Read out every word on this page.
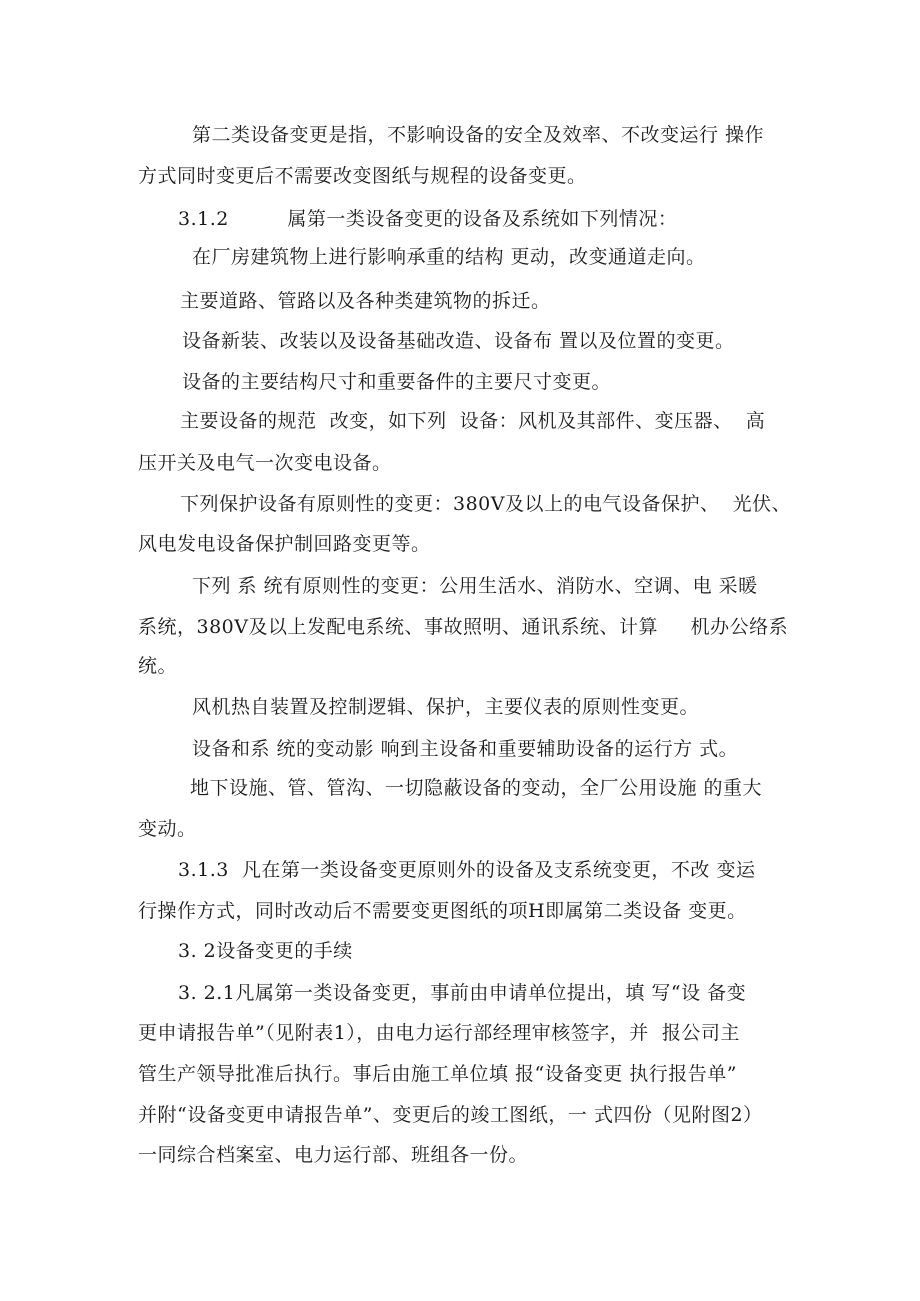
第二类设备变更是指，不影响设备的安全及效率、不改变运行 操作
方式同时变更后不需要改变图纸与规程的设备变更。
3.1.2　　　属第一类设备变更的设备及系统如下列情况：
在厂房建筑物上进行影响承重的结构 更动，改变通道走向。
主要道路、管路以及各种类建筑物的拆迁。
设备新装、改装以及设备基础改造、设备布 置以及位置的变更。
设备的主要结构尺寸和重要备件的主要尺寸变更。
主要设备的规范  改变，如下列  设备：风机及其部件、变压器、  高
压开关及电气一次变电设备。
下列保护设备有原则性的变更：380V及以上的电气设备保护、  光伏、
风电发电设备保护制回路变更等。
下列 系 统有原则性的变更：公用生活水、消防水、空调、电 采暖
系统，380V及以上发配电系统、事故照明、通讯系统、计算  　机办公络系
统。
风机热自装置及控制逻辑、保护，主要仪表的原则性变更。
设备和系 统的变动影 响到主设备和重要辅助设备的运行方 式。
地下设施、管、管沟、一切隐蔽设备的变动，全厂公用设施 的重大
变动。
3.1.3  凡在第一类设备变更原则外的设备及支系统变更，不改 变运
行操作方式，同时改动后不需要变更图纸的项H即属第二类设备 变更。
3. 2设备变更的手续
3. 2.1凡属第一类设备变更，事前由申请单位提出，填 写“设 备变
更申请报告单”（见附表1），由电力运行部经理审核签字，并  报公司主
管生产领导批准后执行。事后由施工单位填 报“设备变更 执行报告单”
并附“设备变更申请报告单”、变更后的竣工图纸，一 式四份（见附图2）
一同综合档案室、电力运行部、班组各一份。
